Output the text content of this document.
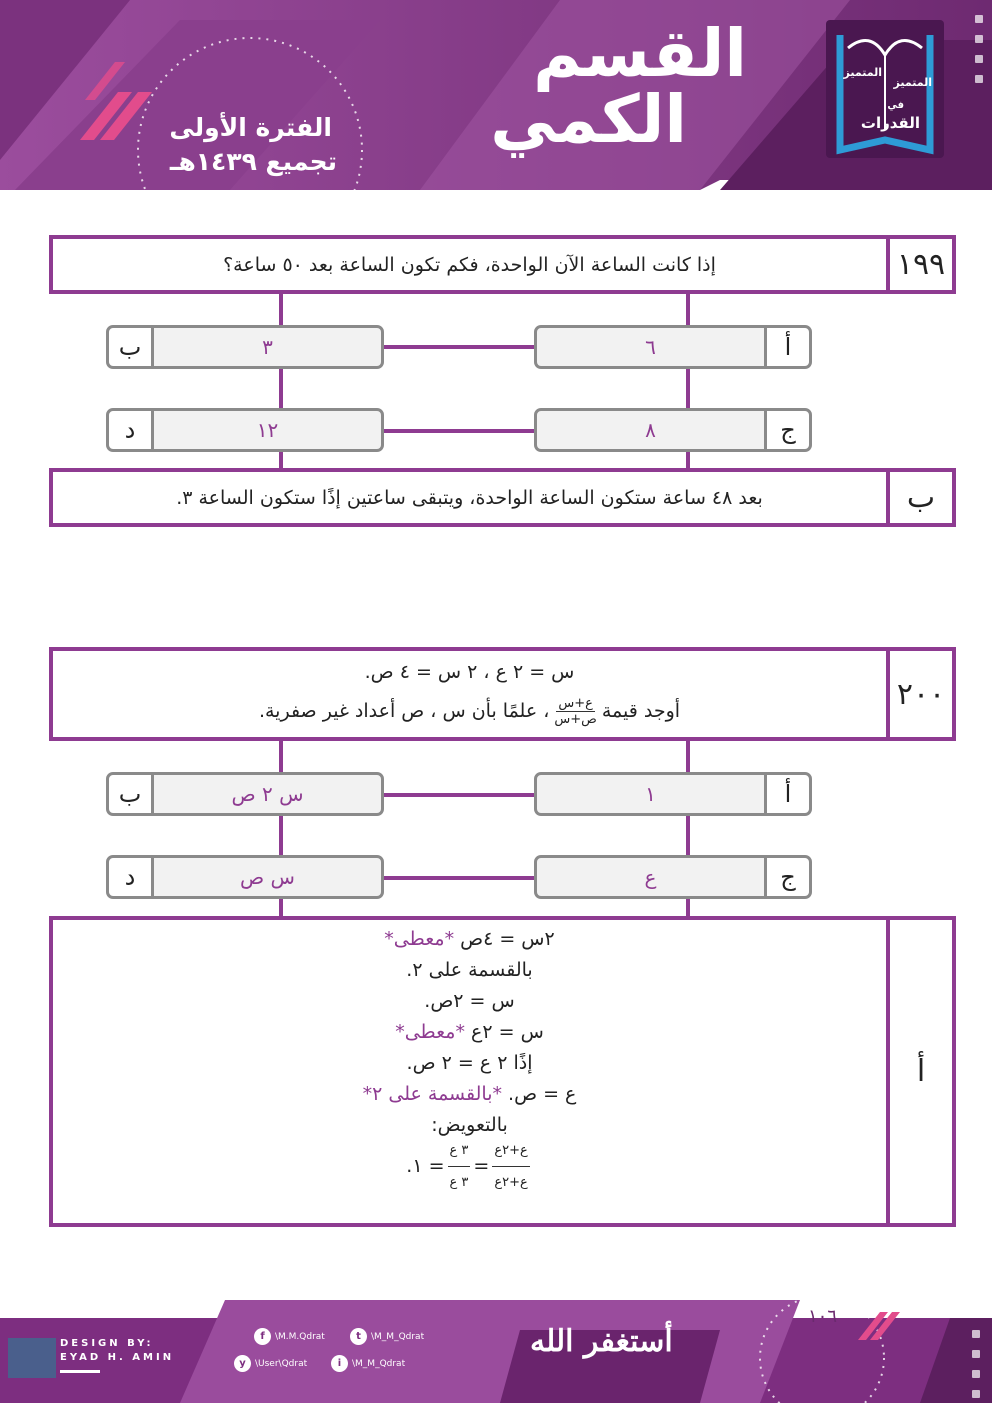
القسم
الكمي
الفترة الأولى
تجميع ١٤٣٩هـ
المتميز
المتميز
في
القدرات
١٩٩
إذا كانت الساعة الآن الواحدة، فكم تكون الساعة بعد ٥٠ ساعة؟
أ
٦
ب	٣
ج
٨
د	١٢
ب
بعد ٤٨ ساعة ستكون الساعة الواحدة، ويتبقى ساعتين إذًا ستكون الساعة ٣.
٢٠٠
س = ٢ ع ، ٢ س = ٤ ص.
أوجد قيمة
$\frac{\text{ع+س}}{\text{ص+س}}$
، علمًا بأن س ، ص أعداد غير صفرية.
أ
١
ب	س ٢ ص
ج
ع
د	س ص
أ
٢س = ٤ص *معطى*
بالقسمة على ٢.
س = ٢ص.
س = ٢ع *معطى*
إذًا ٢ ع = ٢ ص.
ع = ص. *بالقسمة على ٢*
بالتعويض:
$\frac{\text{ع+٢ع}}{\text{ع+٢ع}}$
=
$\frac{\text{٣ ع}}{\text{٣ ع}}$
= ١.
١٠٦
DESIGN BY:
EYAD H. AMIN	أستغفر الله
f	\M.M.Qdrat	t	\M_M_Qdrat
y	\User\Qdrat	i	\M_M_Qdrat
